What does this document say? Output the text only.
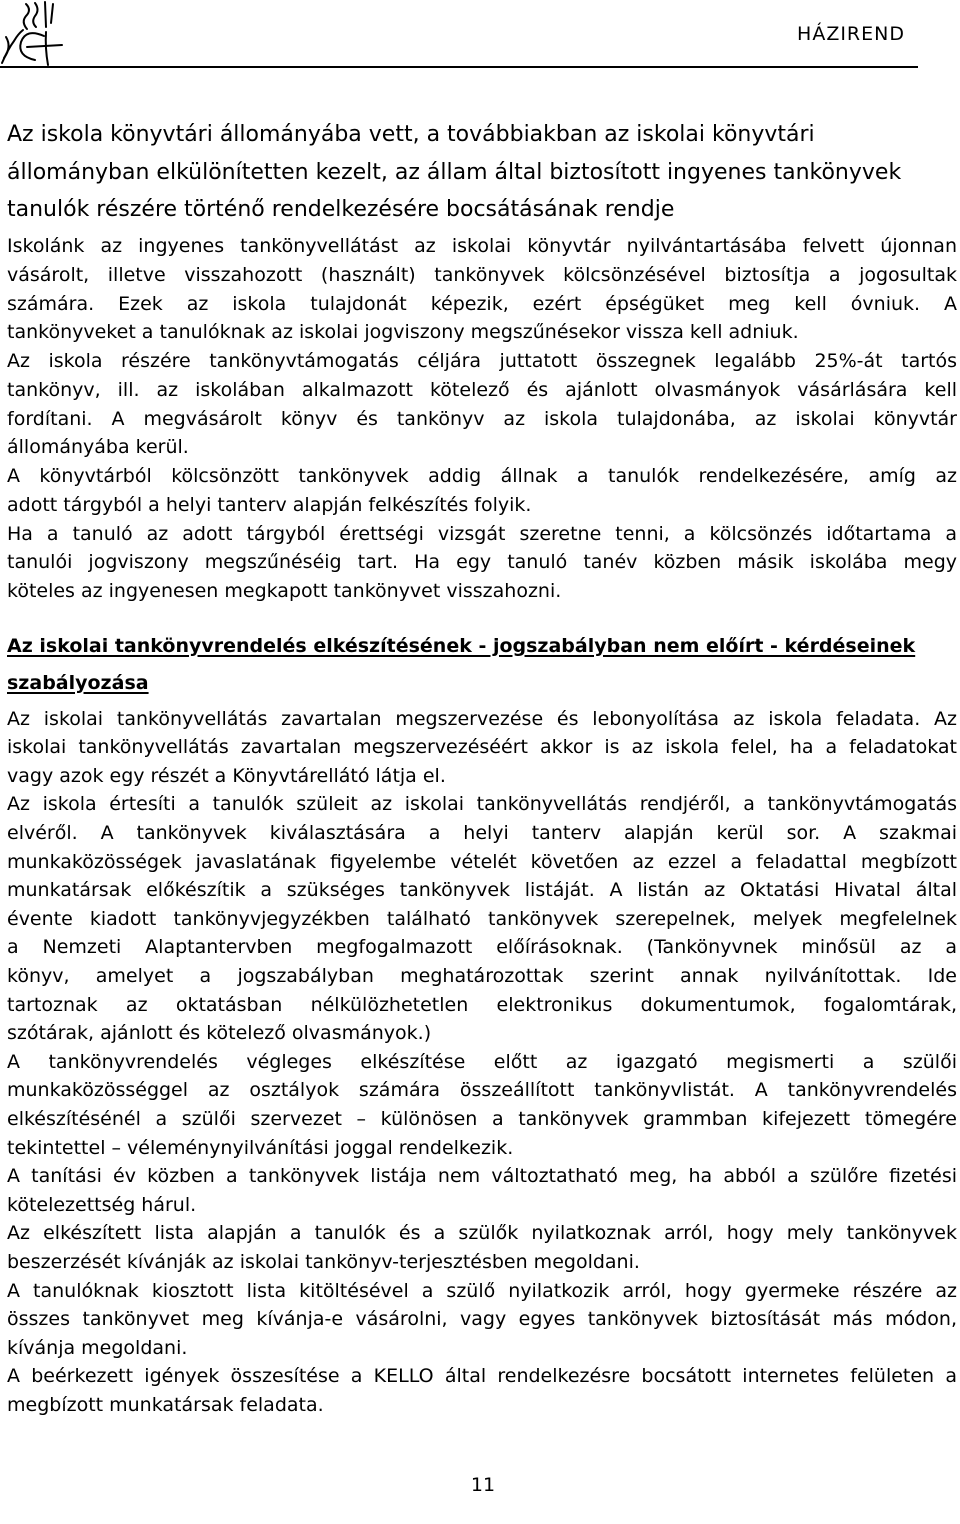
HÁZIREND
Az iskola könyvtári állományába vett, a továbbiakban az iskolai könyvtári
állományban elkülönítetten kezelt, az állam által biztosított ingyenes tankönyvek
tanulók részére történő rendelkezésére bocsátásának rendje
Iskolánk az ingyenes tankönyvellátást az iskolai könyvtár nyilvántartásába felvett újonnan
vásárolt, illetve visszahozott (használt) tankönyvek kölcsönzésével biztosítja a jogosultak
számára. Ezek az iskola tulajdonát képezik, ezért épségüket meg kell óvniuk. A
tankönyveket a tanulóknak az iskolai jogviszony megszűnésekor vissza kell adniuk.
Az iskola részére tankönyvtámogatás céljára juttatott összegnek legalább 25%-át tartós
tankönyv, ill. az iskolában alkalmazott kötelező és ajánlott olvasmányok vásárlására kell
fordítani. A megvásárolt könyv és tankönyv az iskola tulajdonába, az iskolai könyvtár
állományába kerül.
A könyvtárból kölcsönzött tankönyvek addig állnak a tanulók rendelkezésére, amíg az
adott tárgyból a helyi tanterv alapján felkészítés folyik.
Ha a tanuló az adott tárgyból érettségi vizsgát szeretne tenni, a kölcsönzés időtartama a
tanulói jogviszony megszűnéséig tart. Ha egy tanuló tanév közben másik iskolába megy
köteles az ingyenesen megkapott tankönyvet visszahozni.
Az iskolai tankönyvrendelés elkészítésének - jogszabályban nem előírt - kérdéseinek
szabályozása
Az iskolai tankönyvellátás zavartalan megszervezése és lebonyolítása az iskola feladata. Az
iskolai tankönyvellátás zavartalan megszervezéséért akkor is az iskola felel, ha a feladatokat
vagy azok egy részét a Könyvtárellátó látja el.
Az iskola értesíti a tanulók szüleit az iskolai tankönyvellátás rendjéről, a tankönyvtámogatás
elvéről. A tankönyvek kiválasztására a helyi tanterv alapján kerül sor. A szakmai
munkaközösségek javaslatának figyelembe vételét követően az ezzel a feladattal megbízott
munkatársak előkészítik a szükséges tankönyvek listáját. A listán az Oktatási Hivatal által
évente kiadott tankönyvjegyzékben található tankönyvek szerepelnek, melyek megfelelnek
a Nemzeti Alaptantervben megfogalmazott előírásoknak. (Tankönyvnek minősül az a
könyv, amelyet a jogszabályban meghatározottak szerint annak nyilvánítottak. Ide
tartoznak az oktatásban nélkülözhetetlen elektronikus dokumentumok, fogalomtárak,
szótárak, ajánlott és kötelező olvasmányok.)
A tankönyvrendelés végleges elkészítése előtt az igazgató megismerti a szülői
munkaközösséggel az osztályok számára összeállított tankönyvlistát. A tankönyvrendelés
elkészítésénél a szülői szervezet – különösen a tankönyvek grammban kifejezett tömegére
tekintettel – véleménynyilvánítási joggal rendelkezik.
A tanítási év közben a tankönyvek listája nem változtatható meg, ha abból a szülőre fizetési
kötelezettség hárul.
Az elkészített lista alapján a tanulók és a szülők nyilatkoznak arról, hogy mely tankönyvek
beszerzését kívánják az iskolai tankönyv-terjesztésben megoldani.
A tanulóknak kiosztott lista kitöltésével a szülő nyilatkozik arról, hogy gyermeke részére az
összes tankönyvet meg kívánja-e vásárolni, vagy egyes tankönyvek biztosítását más módon,
kívánja megoldani.
A beérkezett igények összesítése a KELLO által rendelkezésre bocsátott internetes felületen a
megbízott munkatársak feladata.
11
